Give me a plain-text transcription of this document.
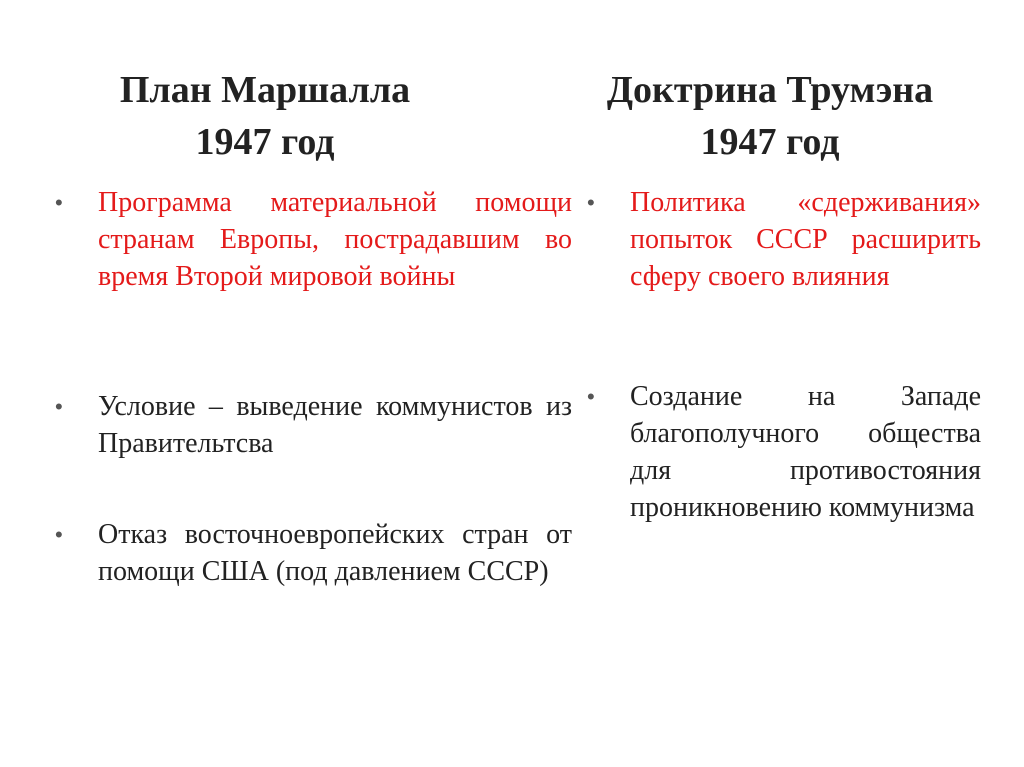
План Маршалла
1947 год
Доктрина Трумэна
1947 год
•	Программа материальной помощи странам Европы, пострадавшим во время Второй мировой войны
•	Условие – выведение коммунистов из Правительтсва
•	Отказ восточноевропейских стран от помощи США (под давлением СССР)
•	Политика «сдерживания» попыток СССР расширить сферу своего влияния
•	Создание на Западе благополучного общества для противостояния проникновению коммунизма
